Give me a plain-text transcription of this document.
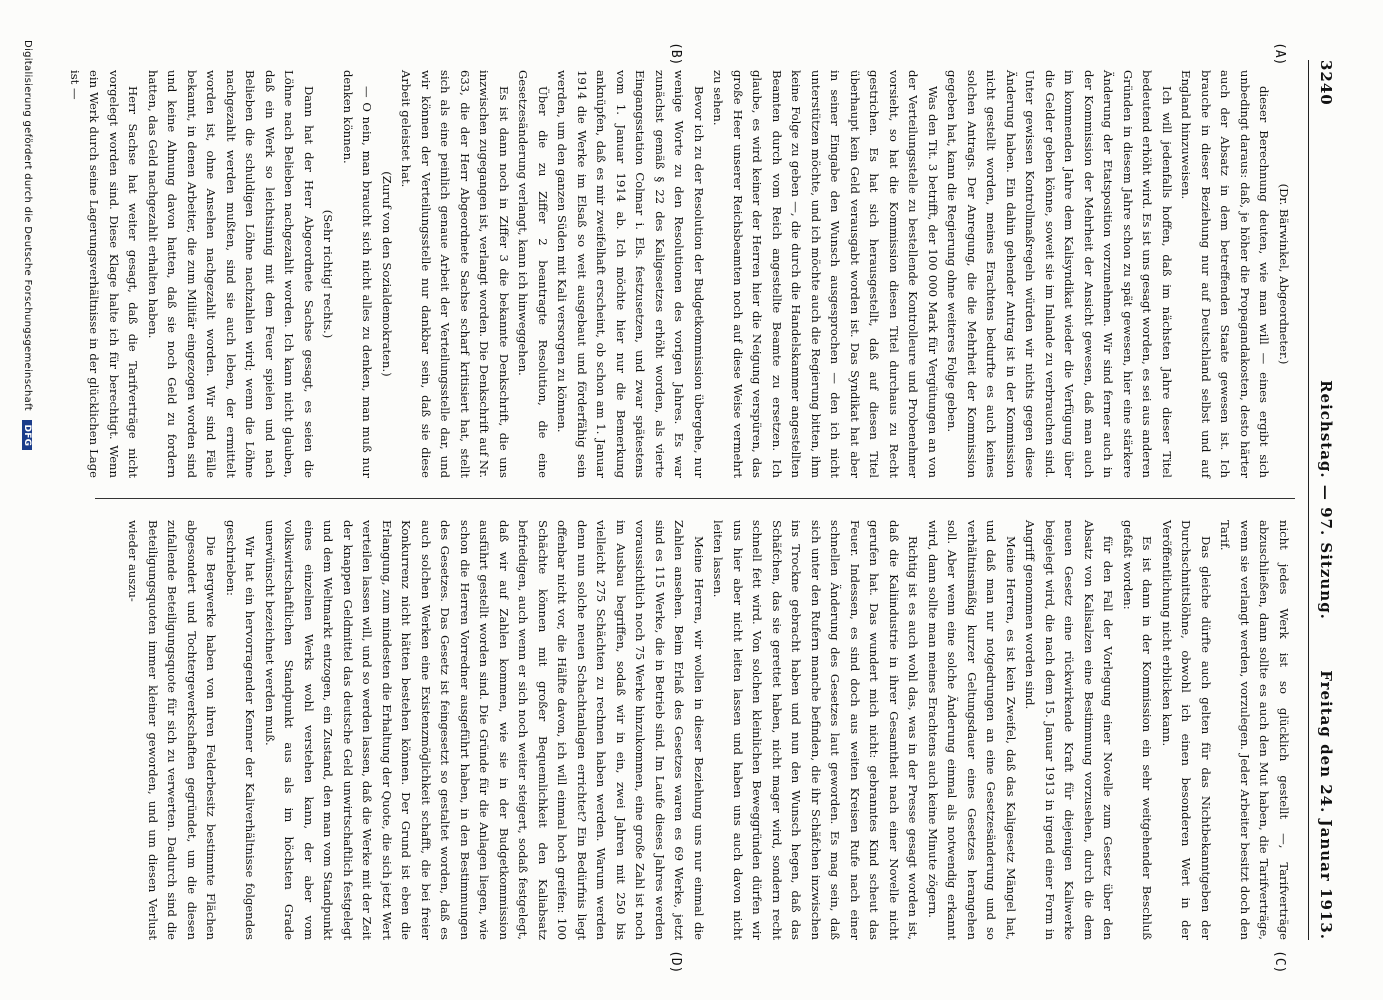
3240
Reichstag. — 97. Sitzung.
Freitag den 24. Januar 1913.
(A)
(B)
(C)
(D)

(Dr. Bärwinkel, Abgeordneter.)

dieser Berechnung deuten, wie man will — eines ergibt sich unbedingt daraus: daß, je höher die Propagandakosten, desto härter auch der Absatz in dem betreffenden Staate gewesen ist. Ich brauche in dieser Beziehung nur auf Deutschland selbst und auf England hinzuweisen.

Ich will jedenfalls hoffen, daß im nächsten Jahre dieser Titel bedeutend erhöht wird. Es ist uns gesagt worden, es sei aus anderen Gründen in diesem Jahre schon zu spät gewesen, hier eine stärkere Änderung der Etatsposition vorzunehmen. Wir sind ferner auch in der Kommission der Mehrheit der Ansicht gewesen, daß man auch im kommenden Jahre dem Kalisyndikat wieder die Verfügung über die Gelder geben könne, soweit sie im Inlande zu verbrauchen sind. Unter gewissen Kontrollmaßregeln würden wir nichts gegen diese Änderung haben. Ein dahin gehender Antrag ist in der Kommission nicht gestellt worden, meines Erachtens bedurfte es auch keines solchen Antrags. Der Anregung, die die Mehrheit der Kommission gegeben hat, kann die Regierung ohne weiteres Folge geben.

Was den Tit. 3 betrifft, der 100 000 Mark für Vergütungen an von der Verteilungsstelle zu bestellende Kontrolleure und Probenehmer vorsieht, so hat die Kommission diesen Titel durchaus zu Recht gestrichen. Es hat sich herausgestellt, daß auf diesen Titel überhaupt kein Geld verausgabt worden ist. Das Syndikat hat aber in seiner Eingabe den Wunsch ausgesprochen — den ich nicht unterstützen möchte, und ich möchte auch die Regierung bitten, ihm keine Folge zu geben —, die durch die Handelskammer angestellten Beamten durch vom Reich angestellte Beamte zu ersetzen. Ich glaube, es wird keiner der Herren hier die Neigung verspüren, das große Heer unserer Reichsbeamten noch auf diese Weise vermehrt zu sehen.

Bevor ich zu der Resolution der Budgetkommission übergehe, nur wenige Worte zu den Resolutionen des vorigen Jahres. Es war zunächst gemäß § 22 des Kaligesetzes erhöht worden, als vierte Eingangsstation Colmar i. Els. festzusetzen, und zwar spätestens vom 1. Januar 1914 ab. Ich möchte hier nur die Bemerkung anknüpfen, daß es mir zweifelhaft erscheint, ob schon am 1. Januar 1914 die Werke im Elsaß so weit ausgebaut und förderfähig sein werden, um den ganzen Süden mit Kali versorgen zu können.

Über die zu Ziffer 2 beantragte Resolution, die eine Gesetzesänderung verlangt, kann ich hinweggehen.

Es ist dann noch in Ziffer 3 die bekannte Denkschrift, die uns inzwischen zugegangen ist, verlangt worden. Die Denkschrift auf Nr. 633, die der Herr Abgeordnete Sachse scharf kritisiert hat, stellt sich als eine peinlich genaue Arbeit der Verteilungsstelle dar, und wir können der Verteilungsstelle nur dankbar sein, daß sie diese Arbeit geleistet hat.

(Zuruf von den Sozialdemokraten.)

— O nein, man braucht sich nicht alles zu denken, man muß nur denken können.

(Sehr richtig! rechts.)

Dann hat der Herr Abgeordnete Sachse gesagt, es seien die Löhne nach Belieben nachgezahlt worden. Ich kann nicht glauben, daß ein Werk so leichtsinnig mit dem Feuer spielen und nach Belieben die schuldigen Löhne nachzahlen wird; wenn die Löhne nachgezahlt werden mußten, sind sie auch leben, der ermittelt worden ist, ohne Ansehen nachgezahlt worden. Wir sind Fälle bekannt, in denen Arbeiter, die zum Militär eingezogen worden sind und keine Ahnung davon hatten, daß sie noch Geld zu fordern hatten, das Geld nachgezahlt erhalten haben.

Herr Sachse hat weiter gesagt, daß die Tarifverträge nicht vorgelegt worden sind. Diese Klage halte ich für berechtigt. Wenn ein Werk durch seine Lagerungsverhältnisse in der glücklichen Lage ist —

nicht jedes Werk ist so glücklich gestellt —, Tarifverträge abzuschließen, dann sollte es auch den Mut haben, die Tarifverträge, wenn sie verlangt werden, vorzulegen. Jeder Arbeiter besitzt doch den Tarif.

Das gleiche dürfte auch gelten für das Nichtbekanntgeben der Durchschnittslöhne, obwohl ich einen besonderen Wert in der Veröffentlichung nicht erblicken kann.

Es ist dann in der Kommission ein sehr weitgehender Beschluß gefaßt worden:

für den Fall der Vorlegung einer Novelle zum Gesetz über den Absatz von Kalisalzen eine Bestimmung vorzusehen, durch die dem neuen Gesetz eine rückwirkende Kraft für diejenigen Kaliwerke beigelegt wird, die nach dem 15. Januar 1913 in irgend einer Form in Angriff genommen worden sind.

Meine Herren, es ist kein Zweifel, daß das Kaligesetz Mängel hat, und daß man nur notgedrungen an eine Gesetzesänderung und so verhältnismäßig kurzer Geltungsdauer eines Gesetzes herangehen soll. Aber wenn eine solche Änderung einmal als notwendig erkannt wird, dann sollte man meines Erachtens auch keine Minute zögern.

Richtig ist es auch wohl das, was in der Presse gesagt worden ist, daß die Kaliindustrie in ihrer Gesamtheit nach einer Novelle nicht gerufen hat. Das wundert mich nicht: gebranntes Kind scheut das Feuer. Indessen, es sind doch aus weiten Kreisen Rufe nach einer schnellen Änderung des Gesetzes laut geworden. Es mag sein, daß sich unter den Rufern manche befinden, die ihr Schäfchen inzwischen ins Trockne gebracht haben und nun den Wunsch hegen, daß das Schäfchen, das sie gerettet haben, nicht mager wird, sondern recht schnell fett wird. Von solchen kleinlichen Beweggründen dürfen wir uns hier aber nicht leiten lassen und haben uns auch davon nicht leiten lassen.

Meine Herren, wir wollen in dieser Beziehung uns nur einmal die Zahlen ansehen. Beim Erlaß des Gesetzes waren es 69 Werke, jetzt sind es 115 Werke, die in Betrieb sind. Im Laufe dieses Jahres werden voraussichtlich noch 75 Werke hinzukommen, eine große Zahl ist noch im Ausbau begriffen, sodaß wir in ein, zwei Jahren mit 250 bis vielleicht 275 Schächten zu rechnen haben werden. Warum werden denn nun solche neuen Schachtanlagen errichtet? Ein Bedürfnis liegt offenbar nicht vor, die Hälfte davon, ich will einmal hoch greifen: 100 Schächte können mit großer Bequemlichkeit den Kaliabsatz befriedigen, auch wenn er sich noch weiter steigert, sodaß festgelegt, daß wir auf Zahlen kommen, wie sie in der Budgetkommission ausführt gestellt worden sind. Die Gründe für die Anlagen liegen, wie schon die Herren Vorredner ausgeführt haben, in den Bestimmungen des Gesetzes. Das Gesetz ist feingesetzt so gestaltet worden, daß es auch solchen Werken eine Existenzmöglichkeit schafft, die bei freier Konkurrenz nicht hätten bestehen können. Der Grund ist eben die Erlangung, zum mindesten die Erhaltung der Quote, die sich jetzt Wert verteilen lassen will, und so werden lassen, daß die Werke mit der Zeit der knappen Geldmittel das deutsche Geld unwirtschaftlich festgelegt und dem Weltmarkt entzogen, ein Zustand, den man vom Standpunkt eines einzelnen Werks wohl verstehen kann, der aber vom volkswirtschaftlichen Standpunkt aus als im höchsten Grade unerwünscht bezeichnet werden muß.

Wir hat ein hervorragender Kenner der Kaliverhältnisse folgendes geschrieben:

Die Bergwerke haben von ihren Felderbesitz bestimmte Flächen abgesondert und Tochtergewerkschaften gegründet, um die diesen zufallende Beteiligungsquote für sich zu verwerten. Dadurch sind die Beteiligungsquoten immer kleiner geworden, und um diesen Verlust wieder auszu-

Digitalisierung gefördert durch die Deutsche Forschungsgemeinschaft DFG
